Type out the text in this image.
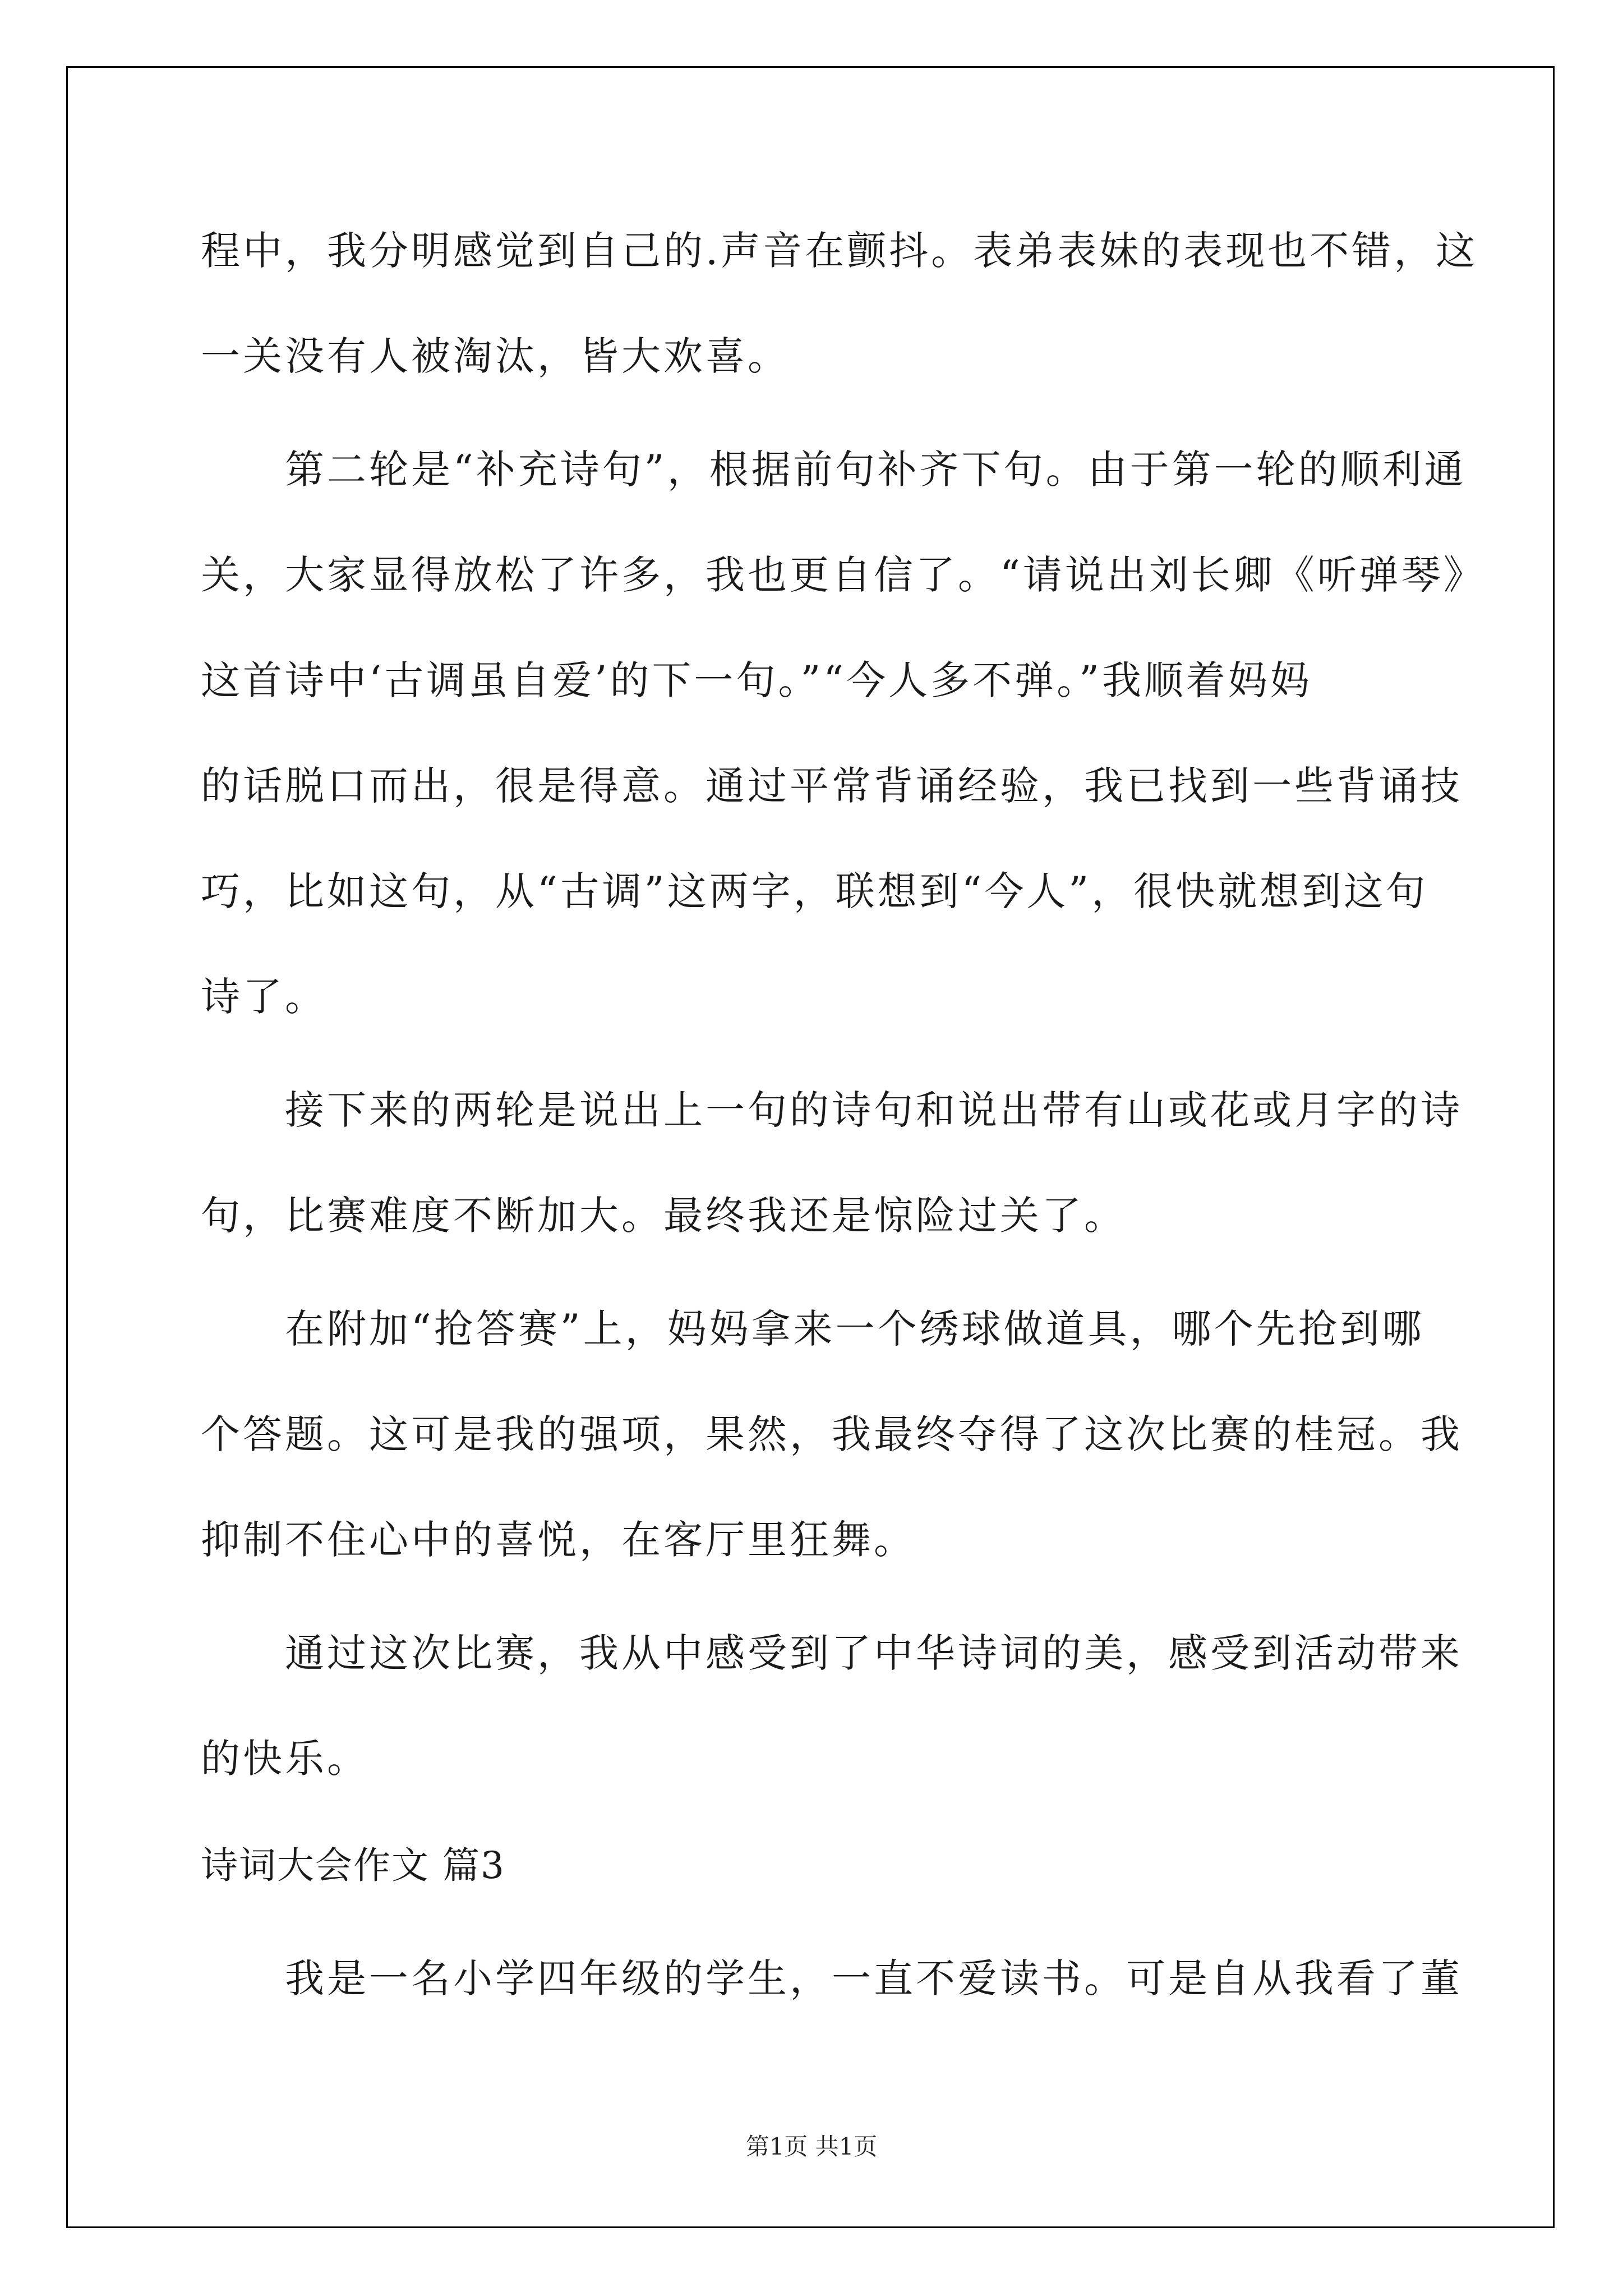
程中，我分明感觉到自己的.声音在颤抖。表弟表妹的表现也不错，这
一关没有人被淘汰，皆大欢喜。
第二轮是“补充诗句”，根据前句补齐下句。由于第一轮的顺利通
关，大家显得放松了许多，我也更自信了。“请说出刘长卿《听弹琴》
这首诗中‘古调虽自爱’的下一句。”“今人多不弹。”我顺着妈妈
的话脱口而出，很是得意。通过平常背诵经验，我已找到一些背诵技
巧，比如这句，从“古调”这两字，联想到“今人”，很快就想到这句
诗了。
接下来的两轮是说出上一句的诗句和说出带有山或花或月字的诗
句，比赛难度不断加大。最终我还是惊险过关了。
在附加“抢答赛”上，妈妈拿来一个绣球做道具，哪个先抢到哪
个答题。这可是我的强项，果然，我最终夺得了这次比赛的桂冠。我
抑制不住心中的喜悦，在客厅里狂舞。
通过这次比赛，我从中感受到了中华诗词的美，感受到活动带来
的快乐。
诗词大会作文 篇3
我是一名小学四年级的学生，一直不爱读书。可是自从我看了董
第1页 共1页
